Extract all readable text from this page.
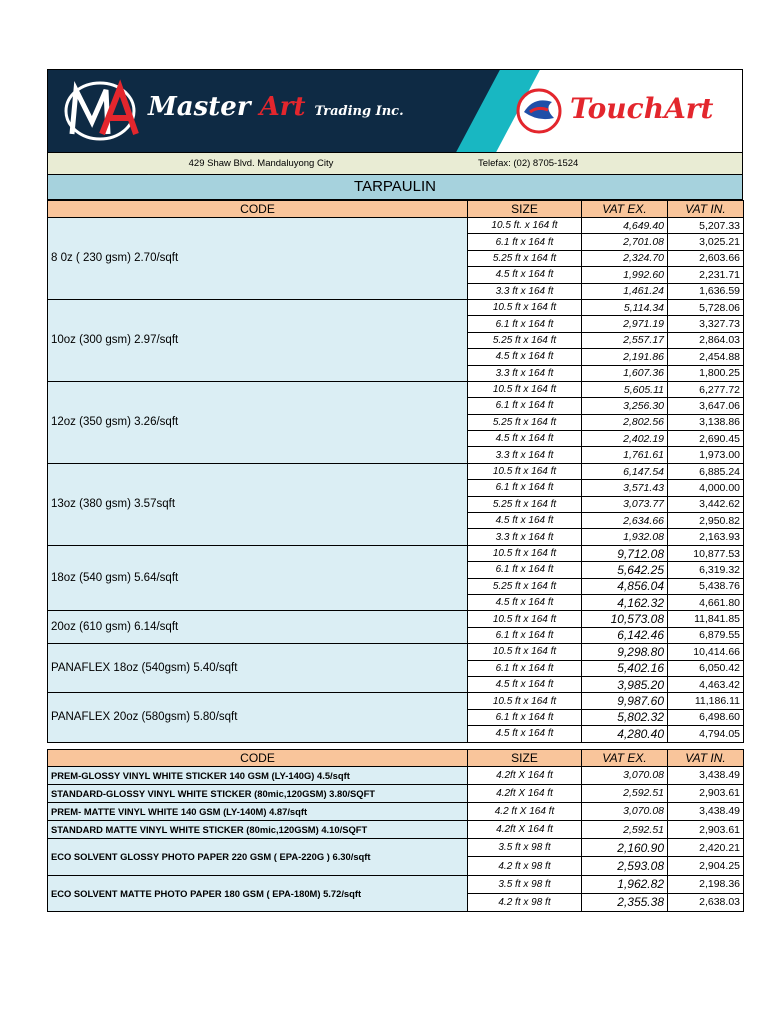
Master Art Trading Inc.	TouchArt
429 Shaw Blvd. Mandaluyong City	Telefax: (02) 8705-1524
TARPAULIN
CODE	SIZE	VAT EX.	VAT IN.
8 0z ( 230 gsm) 2.70/sqft	10.5 ft. x 164 ft	4,649.40	5,207.33
	6.1 ft x 164 ft	2,701.08	3,025.21
	5.25 ft x 164 ft	2,324.70	2,603.66
	4.5 ft x 164 ft	1,992.60	2,231.71
	3.3 ft x 164 ft	1,461.24	1,636.59
10oz (300 gsm) 2.97/sqft	10.5 ft x 164 ft	5,114.34	5,728.06
	6.1 ft x 164 ft	2,971.19	3,327.73
	5.25 ft x 164 ft	2,557.17	2,864.03
	4.5 ft x 164 ft	2,191.86	2,454.88
	3.3 ft x 164 ft	1,607.36	1,800.25
12oz (350 gsm) 3.26/sqft	10.5 ft x 164 ft	5,605.11	6,277.72
	6.1 ft x 164 ft	3,256.30	3,647.06
	5.25 ft x 164 ft	2,802.56	3,138.86
	4.5 ft x 164 ft	2,402.19	2,690.45
	3.3 ft x 164 ft	1,761.61	1,973.00
13oz (380 gsm) 3.57sqft	10.5 ft x 164 ft	6,147.54	6,885.24
	6.1 ft x 164 ft	3,571.43	4,000.00
	5.25 ft x 164 ft	3,073.77	3,442.62
	4.5 ft x 164 ft	2,634.66	2,950.82
	3.3 ft x 164 ft	1,932.08	2,163.93
18oz (540 gsm) 5.64/sqft	10.5 ft x 164 ft	9,712.08	10,877.53
	6.1 ft x 164 ft	5,642.25	6,319.32
	5.25 ft x 164 ft	4,856.04	5,438.76
	4.5 ft x 164 ft	4,162.32	4,661.80
20oz (610 gsm) 6.14/sqft	10.5 ft x 164 ft	10,573.08	11,841.85
	6.1 ft x 164 ft	6,142.46	6,879.55
PANAFLEX 18oz (540gsm) 5.40/sqft	10.5 ft x 164 ft	9,298.80	10,414.66
	6.1 ft x 164 ft	5,402.16	6,050.42
	4.5 ft x 164 ft	3,985.20	4,463.42
PANAFLEX 20oz (580gsm) 5.80/sqft	10.5 ft x 164 ft	9,987.60	11,186.11
	6.1 ft x 164 ft	5,802.32	6,498.60
	4.5 ft x 164 ft	4,280.40	4,794.05
CODE	SIZE	VAT EX.	VAT IN.
PREM-GLOSSY VINYL WHITE STICKER 140 GSM (LY-140G) 4.5/sqft	4.2ft X 164 ft	3,070.08	3,438.49
STANDARD-GLOSSY VINYL WHITE STICKER (80mic,120GSM) 3.80/SQFT	4.2ft X 164 ft	2,592.51	2,903.61
PREM- MATTE VINYL WHITE 140 GSM (LY-140M) 4.87/sqft	4.2 ft X 164 ft	3,070.08	3,438.49
STANDARD MATTE VINYL WHITE STICKER (80mic,120GSM) 4.10/SQFT	4.2ft X 164 ft	2,592.51	2,903.61
ECO SOLVENT GLOSSY PHOTO PAPER 220 GSM ( EPA-220G ) 6.30/sqft	3.5 ft x 98 ft	2,160.90	2,420.21
	4.2 ft x 98 ft	2,593.08	2,904.25
ECO SOLVENT MATTE PHOTO PAPER 180 GSM ( EPA-180M) 5.72/sqft	3.5 ft x 98 ft	1,962.82	2,198.36
	4.2 ft x 98 ft	2,355.38	2,638.03
